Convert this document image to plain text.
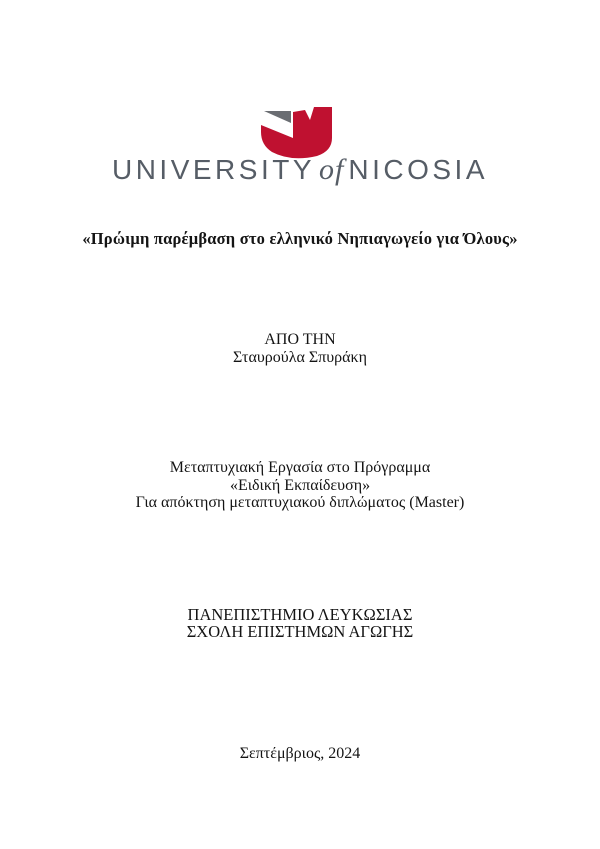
UNIVERSITY of NICOSIA
«Πρώιμη παρέμβαση στο ελληνικό Νηπιαγωγείο για Όλους»
ΑΠΟ ΤΗΝ
Σταυρούλα Σπυράκη
Μεταπτυχιακή Εργασία στο Πρόγραμμα
«Ειδική Εκπαίδευση»
Για απόκτηση μεταπτυχιακού διπλώματος (Master)
ΠΑΝΕΠΙΣΤΗΜΙΟ ΛΕΥΚΩΣΙΑΣ
ΣΧΟΛΗ ΕΠΙΣΤΗΜΩΝ ΑΓΩΓΗΣ
Σεπτέμβριος, 2024
